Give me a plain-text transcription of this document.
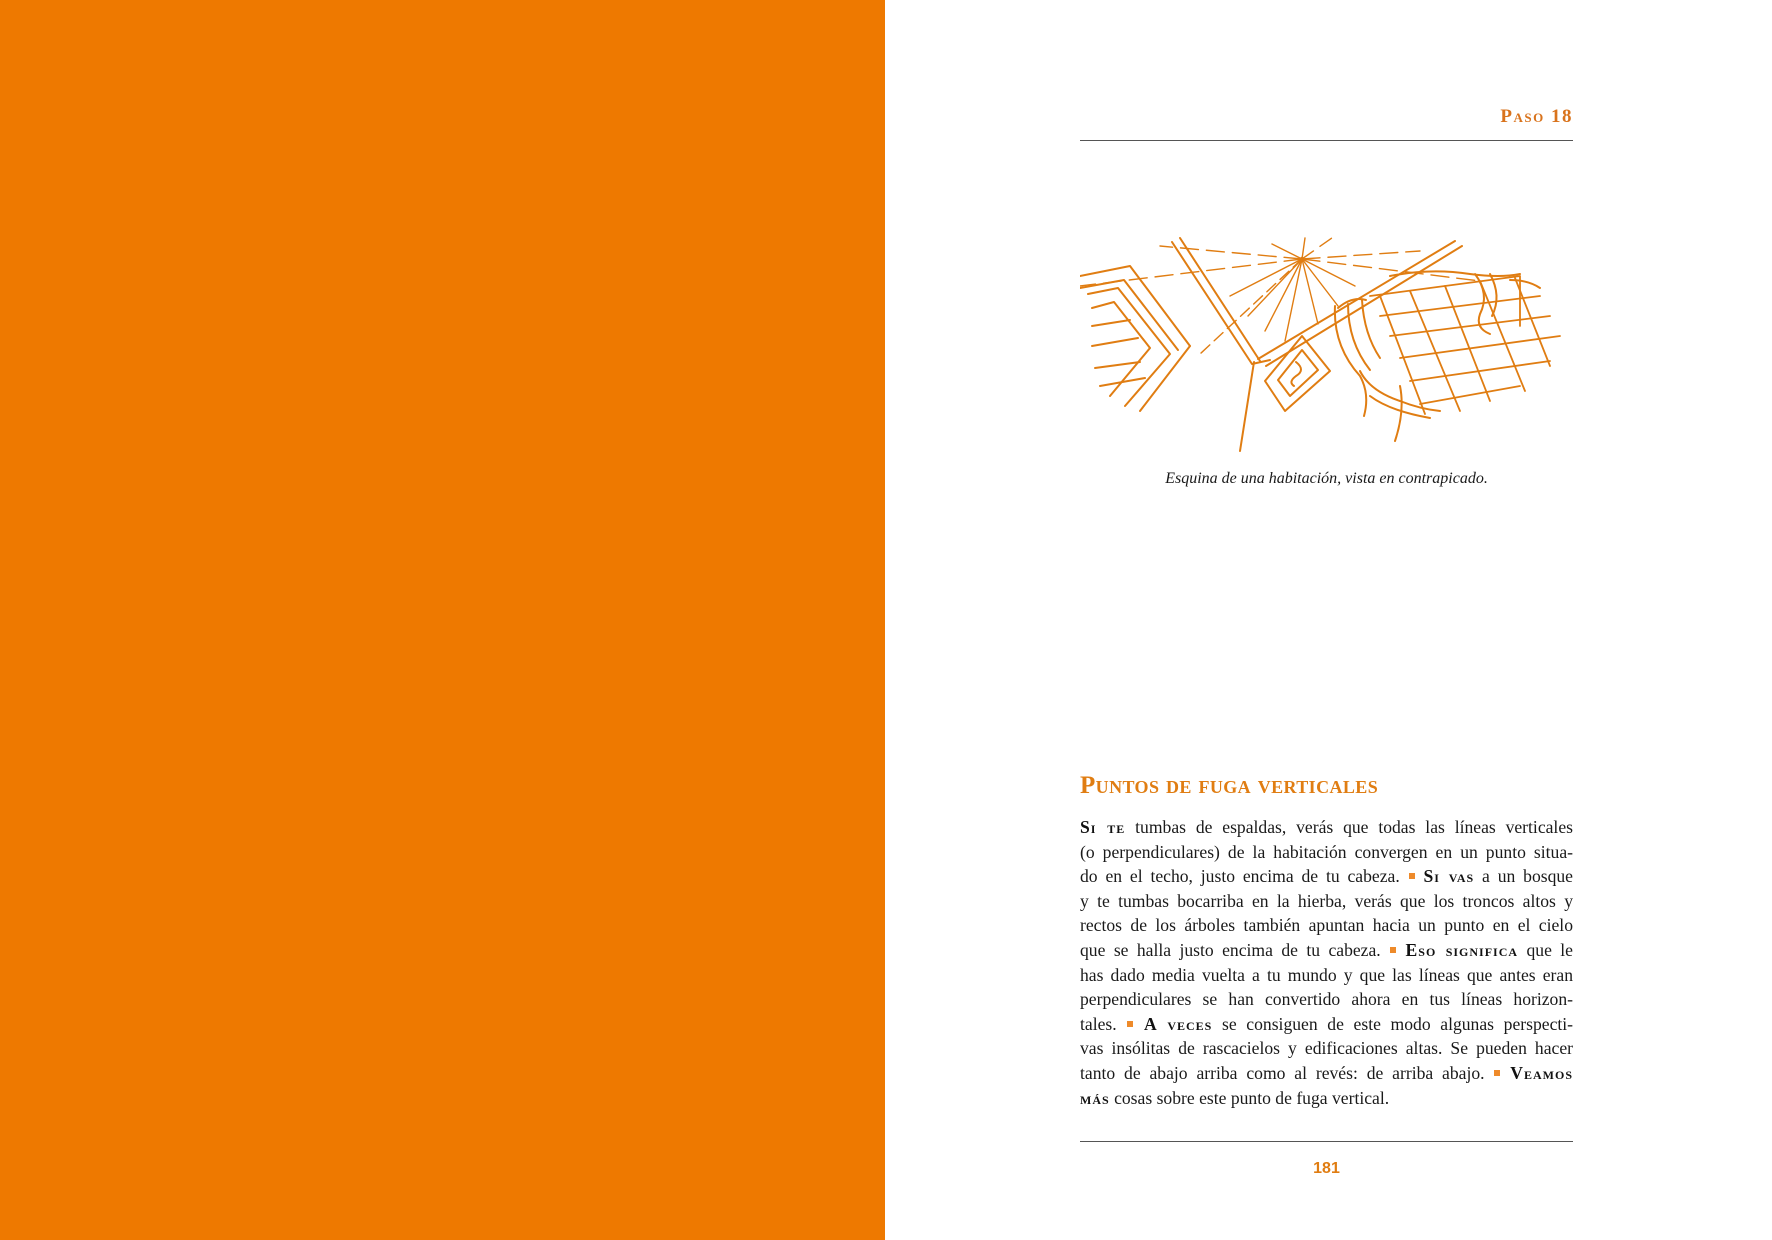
Paso 18
Esquina de una habitación, vista en contrapicado.
Puntos de fuga verticales
Si te tumbas de espaldas, verás que todas las líneas verticales
(o perpendiculares) de la habitación convergen en un punto situa-
do en el techo, justo encima de tu cabeza.  Si vas a un bosque
y te tumbas bocarriba en la hierba, verás que los troncos altos y
rectos de los árboles también apuntan hacia un punto en el cielo
que se halla justo encima de tu cabeza.  Eso significa que le
has dado media vuelta a tu mundo y que las líneas que antes eran
perpendiculares se han convertido ahora en tus líneas horizon-
tales.  A veces se consiguen de este modo algunas perspecti-
vas insólitas de rascacielos y edificaciones altas. Se pueden hacer
tanto de abajo arriba como al revés: de arriba abajo.  Veamos
más cosas sobre este punto de fuga vertical.
181
